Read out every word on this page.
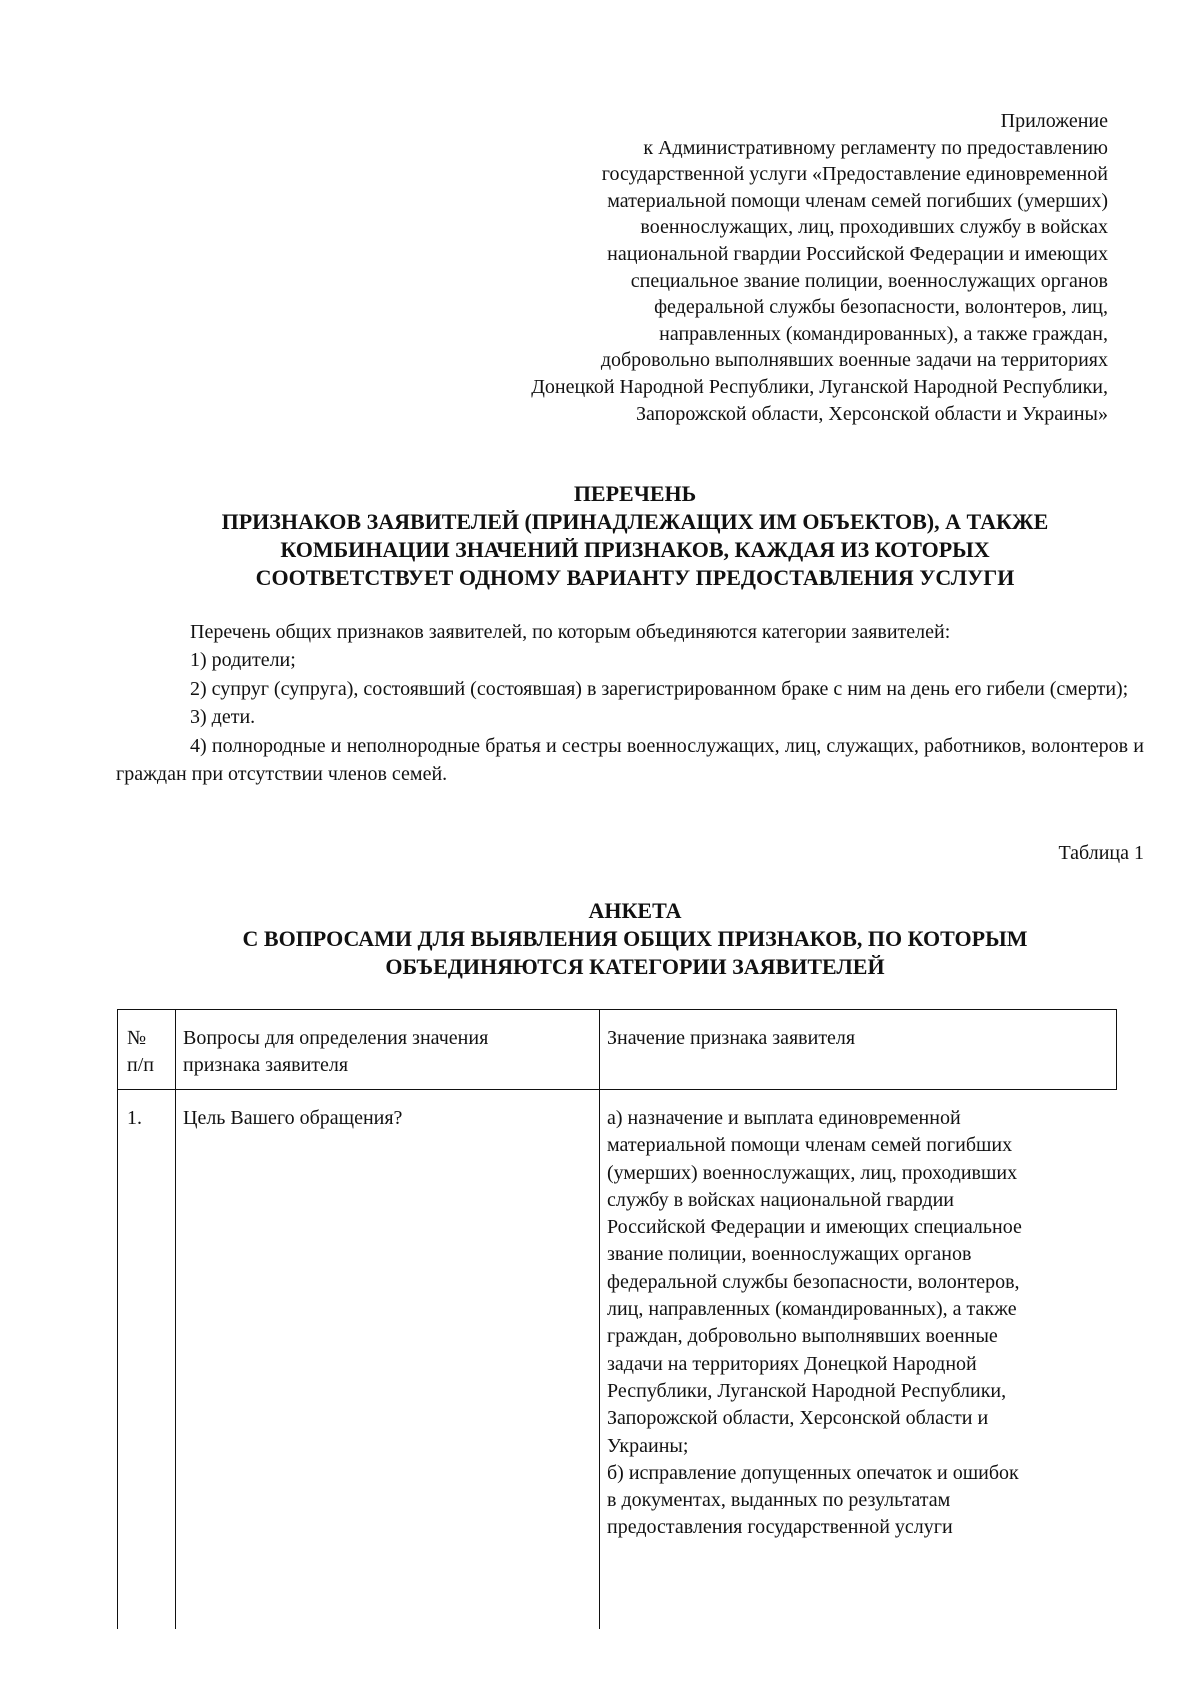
Приложение
к Административному регламенту по предоставлению
государственной услуги «Предоставление единовременной
материальной помощи членам семей погибших (умерших)
военнослужащих, лиц, проходивших службу в войсках
национальной гвардии Российской Федерации и имеющих
специальное звание полиции, военнослужащих органов
федеральной службы безопасности, волонтеров, лиц,
направленных (командированных), а также граждан,
добровольно выполнявших военные задачи на территориях
Донецкой Народной Республики, Луганской Народной Республики,
Запорожской области, Херсонской области и Украины»
ПЕРЕЧЕНЬ
ПРИЗНАКОВ ЗАЯВИТЕЛЕЙ (ПРИНАДЛЕЖАЩИХ ИМ ОБЪЕКТОВ), А ТАКЖЕ
КОМБИНАЦИИ ЗНАЧЕНИЙ ПРИЗНАКОВ, КАЖДАЯ ИЗ КОТОРЫХ
СООТВЕТСТВУЕТ ОДНОМУ ВАРИАНТУ ПРЕДОСТАВЛЕНИЯ УСЛУГИ

Перечень общих признаков заявителей, по которым объединяются категории заявителей:

1) родители;

2) супруг (супруга), состоявший (состоявшая) в зарегистрированном браке с ним на день его гибели (смерти);

3) дети.

4) полнородные и неполнородные братья и сестры военнослужащих, лиц, служащих, работников, волонтеров и граждан при отсутствии членов семей.

Таблица 1
АНКЕТА
С ВОПРОСАМИ ДЛЯ ВЫЯВЛЕНИЯ ОБЩИХ ПРИЗНАКОВ, ПО КОТОРЫМ
ОБЪЕДИНЯЮТСЯ КАТЕГОРИИ ЗАЯВИТЕЛЕЙ
№
п/п
Вопросы для определения значения
признака заявителя
Значение признака заявителя
1.	Цель Вашего обращения?	а) назначение и выплата единовременной
материальной помощи членам семей погибших
(умерших) военнослужащих, лиц, проходивших
службу в войсках национальной гвардии
Российской Федерации и имеющих специальное
звание полиции, военнослужащих органов
федеральной службы безопасности, волонтеров,
лиц, направленных (командированных), а также
граждан, добровольно выполнявших военные
задачи на территориях Донецкой Народной
Республики, Луганской Народной Республики,
Запорожской области, Херсонской области и
Украины;
б) исправление допущенных опечаток и ошибок
в документах, выданных по результатам
предоставления государственной услуги
